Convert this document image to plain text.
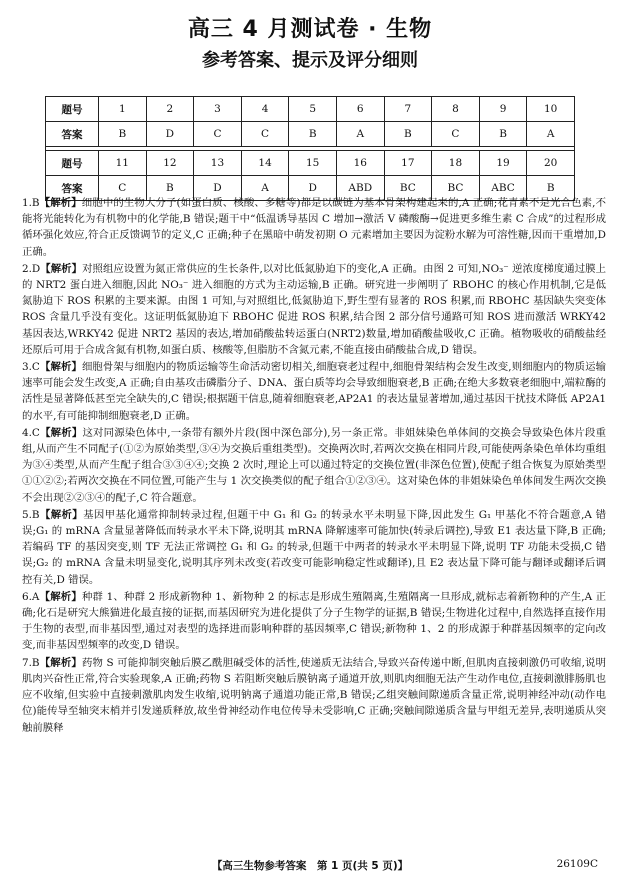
高三 4 月测试卷 · 生物
参考答案、提示及评分细则
题号	1	2	3	4	5	6	7	8	9	10
答案	B	D	C	C	B	A	B	C	B	A

题号	11	12	13	14	15	16	17	18	19	20
答案	C	B	D	A	D	ABD	BC	BC	ABC	B
1.B【解析】细胞中的生物大分子(如蛋白质、核酸、多糖等)都是以碳链为基本骨架构建起来的,A 正确;花青素不是光合色素,不能将光能转化为有机物中的化学能,B 错误;题干中“低温诱导基因 C 增加→激活 V 磷酸酶→促进更多维生素 C 合成”的过程形成循环强化效应,符合正反馈调节的定义,C 正确;种子在黑暗中萌发初期 O 元素增加主要因为淀粉水解为可溶性糖,因而干重增加,D 正确。
2.D【解析】对照组应设置为氮正常供应的生长条件,以对比低氮胁迫下的变化,A 正确。由图 2 可知,NO₃⁻ 逆浓度梯度通过膜上的 NRT2 蛋白进入细胞,因此 NO₃⁻ 进入细胞的方式为主动运输,B 正确。研究进一步阐明了 RBOHC 的核心作用机制,它是低氮胁迫下 ROS 积累的主要来源。由图 1 可知,与对照组比,低氮胁迫下,野生型有显著的 ROS 积累,而 RBOHC 基因缺失突变体 ROS 含量几乎没有变化。这证明低氮胁迫下 RBOHC 促进 ROS 积累,结合图 2 部分信号通路可知 ROS 进而激活 WRKY42 基因表达,WRKY42 促进 NRT2 基因的表达,增加硝酸盐转运蛋白(NRT2)数量,增加硝酸盐吸收,C 正确。植物吸收的硝酸盐经还原后可用于合成含氮有机物,如蛋白质、核酸等,但脂肪不含氮元素,不能直接由硝酸盐合成,D 错误。
3.C【解析】细胞骨架与细胞内的物质运输等生命活动密切相关,细胞衰老过程中,细胞骨架结构会发生改变,则细胞内的物质运输速率可能会发生改变,A 正确;自由基攻击磷脂分子、DNA、蛋白质等均会导致细胞衰老,B 正确;在绝大多数衰老细胞中,端粒酶的活性是显著降低甚至完全缺失的,C 错误;根据题干信息,随着细胞衰老,AP2A1 的表达量显著增加,通过基因干扰技术降低 AP2A1 的水平,有可能抑制细胞衰老,D 正确。
4.C【解析】这对同源染色体中,一条带有额外片段(图中深色部分),另一条正常。非姐妹染色单体间的交换会导致染色体片段重组,从而产生不同配子(①②为原始类型,③④为交换后重组类型)。交换两次时,若两次交换在相同片段,可能使两条染色单体均重组为③④类型,从而产生配子组合③③④④;交换 2 次时,理论上可以通过特定的交换位置(非深色位置),使配子组合恢复为原始类型①①②②;若两次交换在不同位置,可能产生与 1 次交换类似的配子组合①②③④。这对染色体的非姐妹染色单体间发生两次交换不会出现②②③④的配子,C 符合题意。
5.B【解析】基因甲基化通常抑制转录过程,但题干中 G₁ 和 G₂ 的转录水平未明显下降,因此发生 G₁ 甲基化不符合题意,A 错误;G₁ 的 mRNA 含量显著降低而转录水平未下降,说明其 mRNA 降解速率可能加快(转录后调控),导致 E1 表达量下降,B 正确;若编码 TF 的基因突变,则 TF 无法正常调控 G₁ 和 G₂ 的转录,但题干中两者的转录水平未明显下降,说明 TF 功能未受损,C 错误;G₂ 的 mRNA 含量未明显变化,说明其序列未改变(若改变可能影响稳定性或翻译),且 E2 表达量下降可能与翻译或翻译后调控有关,D 错误。
6.A【解析】种群 1、种群 2 形成新物种 1、新物种 2 的标志是形成生殖隔离,生殖隔离一旦形成,就标志着新物种的产生,A 正确;化石是研究大熊猫进化最直接的证据,而基因研究为进化提供了分子生物学的证据,B 错误;生物进化过程中,自然选择直接作用于生物的表型,而非基因型,通过对表型的选择进而影响种群的基因频率,C 错误;新物种 1、2 的形成源于种群基因频率的定向改变,而非基因型频率的改变,D 错误。
7.B【解析】药物 S 可能抑制突触后膜乙酰胆碱受体的活性,使递质无法结合,导致兴奋传递中断,但肌肉直接刺激仍可收缩,说明肌肉兴奋性正常,符合实验现象,A 正确;药物 S 若阻断突触后膜钠离子通道开放,则肌肉细胞无法产生动作电位,直接刺激腓肠肌也应不收缩,但实验中直接刺激肌肉发生收缩,说明钠离子通道功能正常,B 错误;乙组突触间隙递质含量正常,说明神经冲动(动作电位)能传导至轴突末梢并引发递质释放,故坐骨神经动作电位传导未受影响,C 正确;突触间隙递质含量与甲组无差异,表明递质从突触前膜释
【高三生物参考答案　第 1 页(共 5 页)】	26109C
